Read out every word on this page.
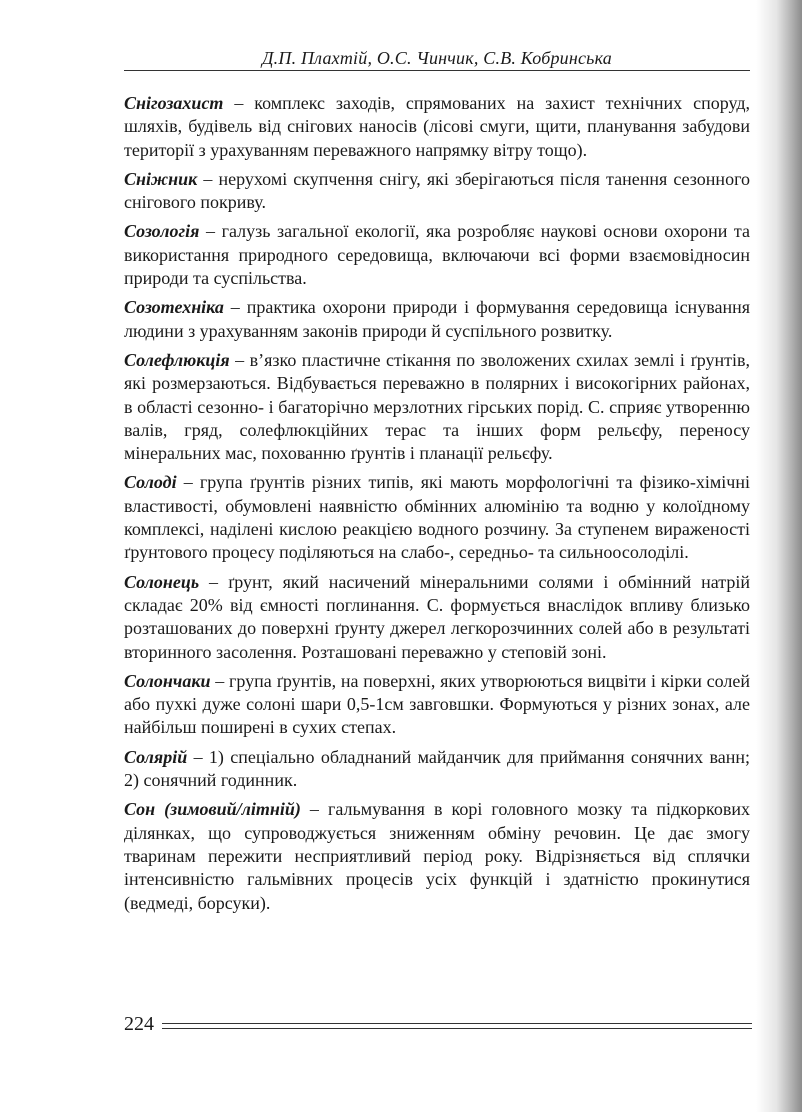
Д.П. Плахтій, О.С. Чинчик, С.В. Кобринська

Снігозахист – комплекс заходів, спрямованих на захист технічних споруд, шляхів, будівель від снігових наносів (лісові смуги, щити, планування забудови території з урахуванням переважного напрямку вітру тощо).

Сніжник – нерухомі скупчення снігу, які зберігаються після танення сезонного снігового покриву.

Созологія – галузь загальної екології, яка розробляє наукові основи охорони та використання природного середовища, включаючи всі форми взаємовідносин природи та суспільства.

Созотехніка – практика охорони природи і формування середовища існування людини з урахуванням законів природи й суспільного розвитку.

Солефлюкція – в’язко пластичне стікання по зволожених схилах землі і ґрунтів, які розмерзаються. Відбувається переважно в полярних і високогірних районах, в області сезонно- і багаторічно мерзлотних гірських порід. С. сприяє утворенню валів, гряд, солефлюкційних терас та інших форм рельєфу, переносу мінеральних мас, похованню ґрунтів і планації рельєфу.

Солоді – група ґрунтів різних типів, які мають морфологічні та фізико-хімічні властивості, обумовлені наявністю обмінних алюмінію та водню у колоїдному комплексі, наділені кислою реакцією водного розчину. За ступенем вираженості ґрунтового процесу поділяються на слабо-, середньо- та сильноосолоділі.

Солонець – ґрунт, який насичений мінеральними солями і обмінний натрій складає 20% від ємності поглинання. С. формується внаслідок впливу близько розташованих до поверхні ґрунту джерел легкорозчинних солей або в результаті вторинного засолення. Розташовані переважно у степовій зоні.

Солончаки – група ґрунтів, на поверхні, яких утворюються вицвіти і кірки солей або пухкі дуже солоні шари 0,5-1см завговшки. Формуються у різних зонах, але найбільш поширені в сухих степах.

Солярій – 1) спеціально обладнаний майданчик для приймання сонячних ванн; 2) сонячний годинник.

Сон (зимовий/літній) – гальмування в корі головного мозку та підкоркових ділянках, що супроводжується зниженням обміну речовин. Це дає змогу тваринам пережити несприятливий період року. Відрізняється від сплячки інтенсивністю гальмівних процесів усіх функцій і здатністю прокинутися (ведмеді, борсуки).

224
